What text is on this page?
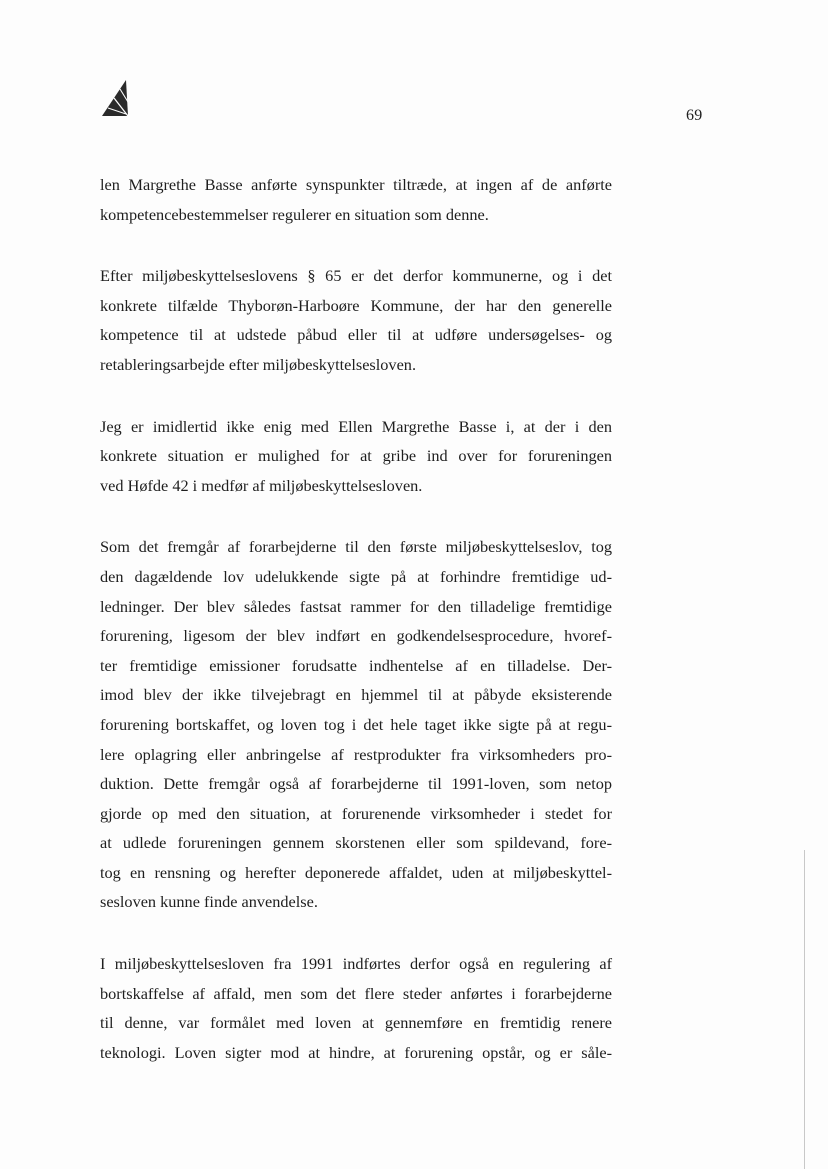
69

len Margrethe Basse anførte synspunkter tiltræde, at ingen af de anførte
kompetencebestemmelser regulerer en situation som denne.

Efter miljøbeskyttelseslovens § 65 er det derfor kommunerne, og i det
konkrete tilfælde Thyborøn-Harboøre Kommune, der har den generelle
kompetence til at udstede påbud eller til at udføre undersøgelses- og
retableringsarbejde efter miljøbeskyttelsesloven.

Jeg er imidlertid ikke enig med Ellen Margrethe Basse i, at der i den
konkrete situation er mulighed for at gribe ind over for forureningen
ved Høfde 42 i medfør af miljøbeskyttelsesloven.

Som det fremgår af forarbejderne til den første miljøbeskyttelseslov, tog
den dagældende lov udelukkende sigte på at forhindre fremtidige ud-
ledninger. Der blev således fastsat rammer for den tilladelige fremtidige
forurening, ligesom der blev indført en godkendelsesprocedure, hvoref-
ter fremtidige emissioner forudsatte indhentelse af en tilladelse. Der-
imod blev der ikke tilvejebragt en hjemmel til at påbyde eksisterende
forurening bortskaffet, og loven tog i det hele taget ikke sigte på at regu-
lere oplagring eller anbringelse af restprodukter fra virksomheders pro-
duktion. Dette fremgår også af forarbejderne til 1991-loven, som netop
gjorde op med den situation, at forurenende virksomheder i stedet for
at udlede forureningen gennem skorstenen eller som spildevand, fore-
tog en rensning og herefter deponerede affaldet, uden at miljøbeskyttel-
sesloven kunne finde anvendelse.

I miljøbeskyttelsesloven fra 1991 indførtes derfor også en regulering af
bortskaffelse af affald, men som det flere steder anførtes i forarbejderne
til denne, var formålet med loven at gennemføre en fremtidig renere
teknologi. Loven sigter mod at hindre, at forurening opstår, og er såle-
